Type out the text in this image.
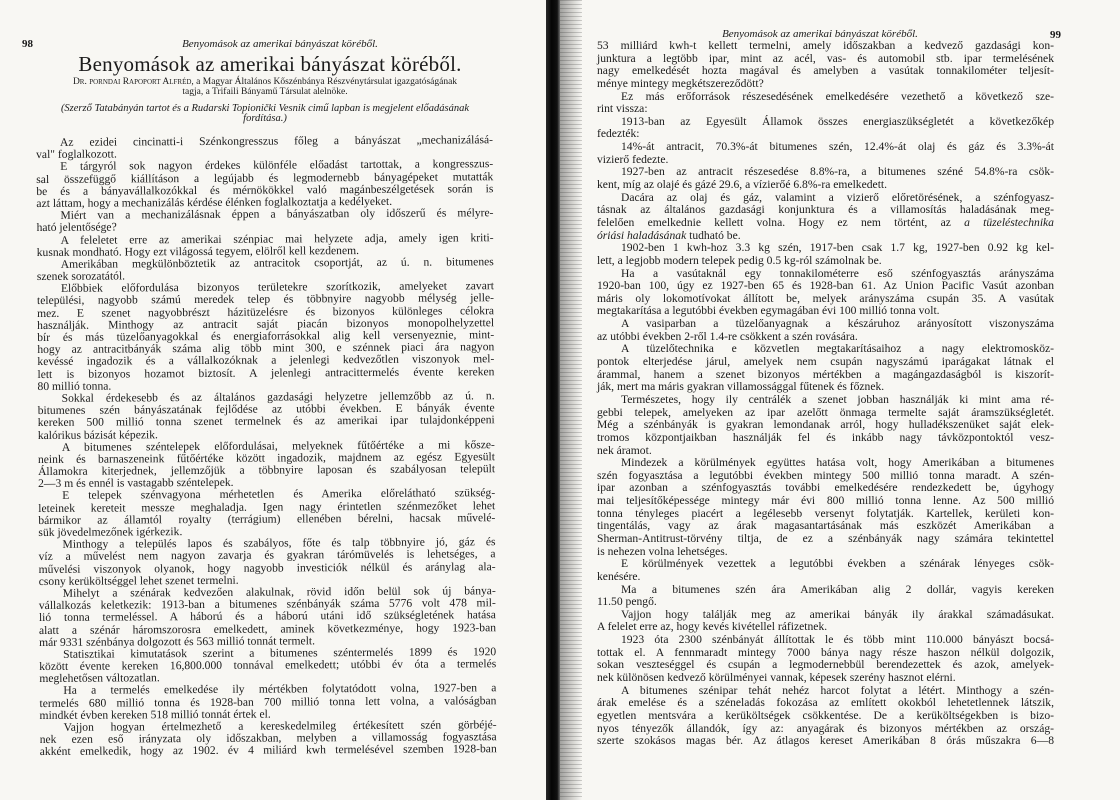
98	Benyomások az amerikai bányászat köréből.
Benyomások az amerikai bányászat köréből.
Dr. porndai Rapoport Alfréd, a Magyar Általános Kőszénbánya Részvénytársulat igazgatóságának
tagja, a Trifaili Bányamű Társulat alelnöke.
(Szerző Tatabányán tartot és a Rudarski Topionički Vesnik cimű lapban is megjelent előadásának
fordítása.)
Az ezidei cincinatti-i Szénkongresszus főleg a bányászat „mechanizálásá-
val" foglalkozott.
E tárgyról sok nagyon érdekes különféle előadást tartottak, a kongresszus-
sal összefüggő kiállításon a legújabb és legmodernebb bányagépeket mutatták
be és a bányavállalkozókkal és mérnökökkel való magánbeszélgetések során is
azt láttam, hogy a mechanizálás kérdése élénken foglalkoztatja a kedélyeket.
Miért van a mechanizálásnak éppen a bányászatban oly időszerű és mélyre-
ható jelentősége?
A feleletet erre az amerikai szénpiac mai helyzete adja, amely igen kriti-
kusnak mondható. Hogy ezt világossá tegyem, elölről kell kezdenem.
Amerikában megkülönböztetik az antracitok csoportját, az ú. n. bitumenes
szenek sorozatától.
Előbbiek előfordulása bizonyos területekre szorítkozik, amelyeket zavart
települési, nagyobb számú meredek telep és többnyire nagyobb mélység jelle-
mez. E szenet nagyobbrészt házitüzelésre és bizonyos különleges célokra
használják. Minthogy az antracit saját piacán bizonyos monopolhelyzettel
bír és más tüzelőanyagokkal és energiaforrásokkal alig kell versenyeznie, mint-
hogy az antracitbányák száma alig több mint 300, e szénnek piaci ára nagyon
kevéssé ingadozik és a vállalkozóknak a jelenlegi kedvezőtlen viszonyok mel-
lett is bizonyos hozamot biztosít. A jelenlegi antracittermelés évente kereken
80 millió tonna.
Sokkal érdekesebb és az általános gazdasági helyzetre jellemzőbb az ú. n.
bitumenes szén bányászatának fejlődése az utóbbi években. E bányák évente
kereken 500 millió tonna szenet termelnek és az amerikai ipar tulajdonképpeni
kalórikus bázisát képezik.
A bitumenes széntelepek előfordulásai, melyeknek fűtőértéke a mi kősze-
neink és barnaszeneink fűtőértéke között ingadozik, majdnem az egész Egyesült
Államokra kiterjednek, jellemzőjük a többnyire laposan és szabályosan települt
2—3 m és ennél is vastagabb széntelepek.
E telepek szénvagyona mérhetetlen és Amerika előrelátható szükség-
leteinek kereteit messze meghaladja. Igen nagy érintetlen szénmezőket lehet
bármikor az államtól royalty (terrágium) ellenében bérelni, hacsak művelé-
sük jövedelmezőnek igérkezik.
Minthogy a település lapos és szabályos, főte és talp többnyire jó, gáz és
víz a művelést nem nagyon zavarja és gyakran tárómüvelés is lehetséges, a
művelési viszonyok olyanok, hogy nagyobb investiciók nélkül és aránylag ala-
csony kerüköltséggel lehet szenet termelni.
Mihelyt a szénárak kedvezően alakulnak, rövid időn belül sok új bánya-
vállalkozás keletkezik: 1913-ban a bitumenes szénbányák száma 5776 volt 478 mil-
lió tonna termeléssel. A háború és a háború utáni idő szükségletének hatása
alatt a szénár háromszorosra emelkedett, aminek következménye, hogy 1923-ban
már 9331 szénbánya dolgozott és 563 millió tonnát termelt.
Statisztikai kimutatások szerint a bitumenes széntermelés 1899 és 1920
között évente kereken 16,800.000 tonnával emelkedett; utóbbi év óta a termelés
meglehetősen változatlan.
Ha a termelés emelkedése ily mértékben folytatódott volna, 1927-ben a
termelés 680 millió tonna és 1928-ban 700 millió tonna lett volna, a valóságban
mindkét évben kereken 518 millió tonnát értek el.
Vajjon hogyan értelmezhető a kereskedelmileg értékesített szén görbéjé-
nek ezen eső irányzata oly időszakban, melyben a villamosság fogyasztása
akként emelkedik, hogy az 1902. év 4 miliárd kwh termelésével szemben 1928-ban
Benyomások az amerikai bányászat köréből.	99
53 milliárd kwh-t kellett termelni, amely időszakban a kedvező gazdasági kon-
junktura a legtöbb ipar, mint az acél, vas- és automobil stb. ipar termelésének
nagy emelkedését hozta magával és amelyben a vasútak tonnakilométer teljesít-
ménye mintegy megkétszereződött?
Ez más erőforrások részesedésének emelkedésére vezethető a következő sze-
rint vissza:
1913-ban az Egyesült Államok összes energiaszükségletét a következőkép
fedezték:
14%-át antracit, 70.3%-át bitumenes szén, 12.4%-át olaj és gáz és 3.3%-át
vizierő fedezte.
1927-ben az antracit részesedése 8.8%-ra, a bitumenes széné 54.8%-ra csök-
kent, míg az olajé és gázé 29.6, a vízierőé 6.8%-ra emelkedett.
Dacára az olaj és gáz, valamint a vizierő előretörésének, a szénfogyasz-
tásnak az általános gazdasági konjunktura és a villamosítás haladásának meg-
felelően emelkednie kellett volna. Hogy ez nem történt, az a tüzeléstechnika
óriási haladásának tudható be.
1902-ben 1 kwh-hoz 3.3 kg szén, 1917-ben csak 1.7 kg, 1927-ben 0.92 kg kel-
lett, a legjobb modern telepek pedig 0.5 kg-ról számolnak be.
Ha a vasútaknál egy tonnakilométerre eső szénfogyasztás arányszáma
1920-ban 100, úgy ez 1927-ben 65 és 1928-ban 61. Az Union Pacific Vasút azonban
máris oly lokomotívokat állított be, melyek arányszáma csupán 35. A vasútak
megtakarítása a legutóbbi években egymagában évi 100 millió tonna volt.
A vasiparban a tüzelőanyagnak a készáruhoz arányosított viszonyszáma
az utóbbi években 2-ről 1.4-re csökkent a szén rovására.
A tüzelőtechnika e közvetlen megtakarításaihoz a nagy elektromosköz-
pontok elterjedése járul, amelyek nem csupán nagyszámú iparágakat látnak el
árammal, hanem a szenet bizonyos mértékben a magángazdaságból is kiszorít-
ják, mert ma máris gyakran villamossággal fűtenek és főznek.
Természetes, hogy ily centrálék a szenet jobban használják ki mint ama ré-
gebbi telepek, amelyeken az ipar azelőtt önmaga termelte saját áramszükségletét.
Még a szénbányák is gyakran lemondanak arról, hogy hulladékszenüket saját elek-
tromos központjaikban használják fel és inkább nagy távközpontoktól vesz-
nek áramot.
Mindezek a körülmények együttes hatása volt, hogy Amerikában a bitumenes
szén fogyasztása a legutóbbi években mintegy 500 millió tonna maradt. A szén-
ipar azonban a szénfogyasztás további emelkedésére rendezkedett be, úgyhogy
mai teljesítőképessége mintegy már évi 800 millió tonna lenne. Az 500 millió
tonna tényleges piacért a legélesebb versenyt folytatják. Kartellek, kerületi kon-
tingentálás, vagy az árak magasantartásának más eszközét Amerikában a
Sherman-Antitrust-törvény tiltja, de ez a szénbányák nagy számára tekintettel
is nehezen volna lehetséges.
E körülmények vezettek a legutóbbi években a szénárak lényeges csök-
kenésére.
Ma a bitumenes szén ára Amerikában alig 2 dollár, vagyis kereken
11.50 pengő.
Vajjon hogy találják meg az amerikai bányák ily árakkal számadásukat.
A felelet erre az, hogy kevés kivétellel ráfizetnek.
1923 óta 2300 szénbányát állítottak le és több mint 110.000 bányászt bocsá-
tottak el. A fennmaradt mintegy 7000 bánya nagy része haszon nélkül dolgozik,
sokan veszteséggel és csupán a legmodernebbül berendezettek és azok, amelyek-
nek különösen kedvező körülményei vannak, képesek szerény hasznot elérni.
A bitumenes szénipar tehát nehéz harcot folytat a létért. Minthogy a szén-
árak emelése és a széneladás fokozása az említett okokból lehetetlennek látszik,
egyetlen mentsvára a kerüköltségek csökkentése. De a kerüköltségekben is bizo-
nyos tényezők állandók, így az: anyagárak és bizonyos mértékben az ország-
szerte szokásos magas bér. Az átlagos kereset Amerikában 8 órás műszakra 6—8
